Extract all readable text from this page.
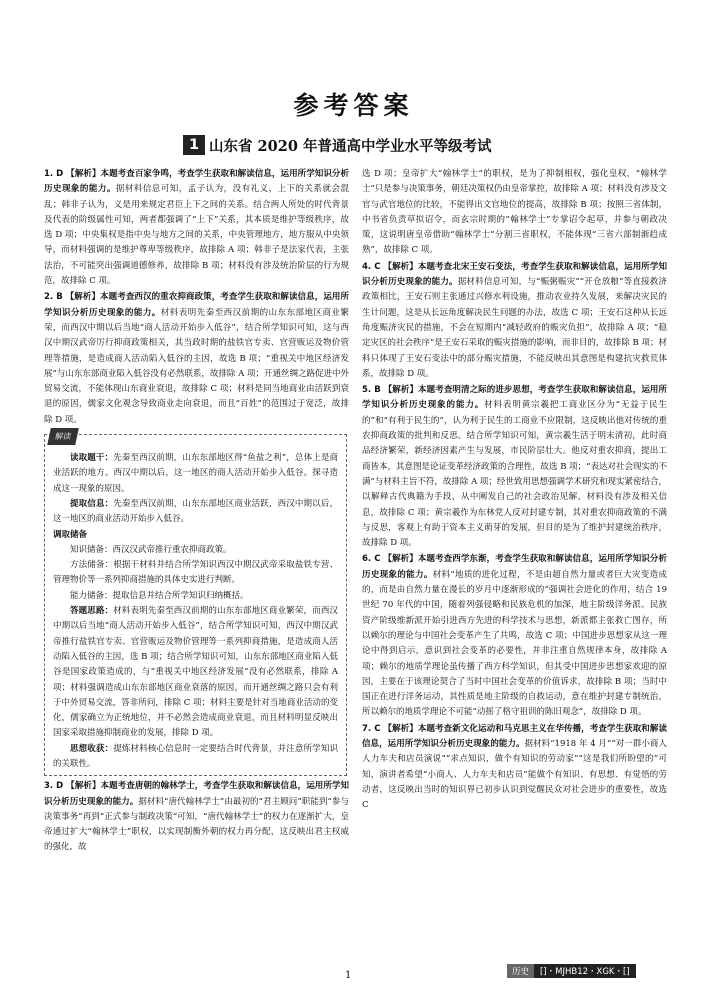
参考答案
1 山东省 2020 年普通高中学业水平等级考试

1. D 【解析】本题考查百家争鸣，考查学生获取和解读信息，运用所学知识分析历史现象的能力。据材料信息可知，孟子认为，没有礼义，上下的关系就会混乱；韩非子认为，义是用来规定君臣上下之间的关系。结合两人所处的时代背景及代表的阶级属性可知，两者都强调了“上下”关系，其本质是维护等级秩序，故选 D 项；中央集权是指中央与地方之间的关系，中央管理地方，地方服从中央领导，而材料强调的是维护尊卑等级秩序，故排除 A 项；韩非子是法家代表，主张法治，不可能突出强调道德修养，故排除 B 项；材料没有涉及统治阶层的行为规范，故排除 C 项。

2. B 【解析】本题考查西汉的重农抑商政策，考查学生获取和解读信息，运用所学知识分析历史现象的能力。材料表明先秦至西汉前期的山东东部地区商业繁荣，而西汉中期以后当地“商人活动开始步入低谷”，结合所学知识可知，这与西汉中期汉武帝厉行抑商政策相关，其当政时期的盐铁官专卖、官营贩运及物价管理等措施，是造成商人活动陷入低谷的主因，故选 B 项；“重视关中地区经济发展”与山东东部商业陷入低谷没有必然联系，故排除 A 项；开通丝绸之路促进中外贸易交流，不能体现山东商业衰退，故排除 C 项；材料是同当地商业由活跃到衰退的原因，儒家文化观念导致商业走向衰退，而且“百姓”的范围过于宽泛，故排除 D 项。

解读

读取题干：先秦至西汉前期，山东东部地区得“鱼盐之利”，总体上是商业活跃的地方。西汉中期以后，这一地区的商人活动开始步入低谷。探寻造成这一现象的原因。

提取信息：先秦至西汉前期，山东东部地区商业活跃，西汉中期以后，这一地区的商业活动开始步入低谷。

调取储备

知识储备：西汉汉武帝推行重农抑商政策。

方法储备：根据干材料并结合所学知识西汉中期汉武帝采取盐铁专营、管理物价等一系列抑商措施的具体史实进行判断。

能力储备：提取信息并结合所学知识归纳概括。

答题思路：材料表明先秦至西汉前期的山东东部地区商业繁荣，而西汉中期以后当地“商人活动开始步入低谷”，结合所学知识可知，西汉中期汉武帝推行盐铁官专卖、官营贩运及物价管理等一系列抑商措施，是造成商人活动陷入低谷的主因，选 B 项；结合所学知识可知，山东东部地区商业陷入低谷是国家政策造成的，与“重视关中地区经济发展”没有必然联系，排除 A 项；材料强调造成山东东部地区商业衰落的原因，而开通丝绸之路只会有利于中外贸易交流，答非所问，排除 C 项；材料主要是针对当地商业活动的变化，儒家确立为正统地位，并不必然会造成商业衰退，而且材料明显反映出国家采取措施抑制商业的发展，排除 D 项。

思想收获：提炼材料核心信息时一定要结合时代背景，并注意所学知识的关联性。

3. D 【解析】本题考查唐朝的翰林学士，考查学生获取和解读信息，运用所学知识分析历史现象的能力。据材料“唐代翰林学士”由最初的“君主顾问”职能到“参与决策事务”再到“正式参与制政决策”可知，“唐代翰林学士”的权力在逐渐扩大，皇帝通过扩大“翰林学士”职权，以实现制衡外朝的权力再分配，这反映出君主权威的强化，故

选 D 项；皇帝扩大“翰林学士”的职权，是为了抑制相权，强化皇权，“翰林学士”只是参与决策事务，朝廷决策权仍由皇帝掌控，故排除 A 项；材料没有涉及文官与武官地位的比较，不能得出文官地位的提高，故排除 B 项；按照三省体制，中书省负责草拟诏令，而玄宗时期的“翰林学士”专掌诏令起草，并参与朝政决策，这说明唐皇帝借助“翰林学士”分割三省职权，不能体现“三省六部制渐趋成熟”，故排除 C 项。

4. C 【解析】本题考查北宋王安石变法，考查学生获取和解读信息，运用所学知识分析历史现象的能力。据材料信息可知，与“赈粥赈灾”“开仓放粮”等直接救济政策相比，王安石则主张通过兴修水利设施，推动农业持久发展，来解决灾民的生计问题，这是从长远角度解决民生问题的办法，故选 C 项；王安石这种从长远角度赈济灾民的措施，不会在短期内“减轻政府的赈灾负担”，故排除 A 项；“稳定灾区的社会秩序”是王安石采取的赈灾措施的影响，而非目的，故排除 B 项；材料只体现了王安石变法中的部分赈灾措施，不能反映出其意图是构建抗灾救荒体系，故排除 D 项。

5. B 【解析】本题考查明清之际的进步思想，考查学生获取和解读信息，运用所学知识分析历史现象的能力。材料表明黄宗羲把工商业区分为“无益于民生的”和“有利于民生的”，认为利于民生的工商业不应限制，这反映出他对传统的重农抑商政策的批判和反思。结合所学知识可知，黄宗羲生活于明末清初，此时商品经济繁荣，新经济因素产生与发展，市民阶层壮大。他反对重农抑商，提出工商皆本，其意图是论证变革经济政策的合理性，故选 B 项；“表达对社会现实的不满”与材料主旨不符，故排除 A 项；经世致用思想强调学术研究和现实紧密结合，以解释古代典籍为手段，从中阐发自己的社会政治见解，材料没有涉及相关信息，故排除 C 项；黄宗羲作为东林党人反对封建专制，其对重农抑商政策的不满与反思，客观上有助于资本主义萌芽的发展，但目的是为了维护封建统治秩序，故排除 D 项。

6. C 【解析】本题考查西学东渐，考查学生获取和解读信息，运用所学知识分析历史现象的能力。材料“地质的进化过程，不是由超自然力量或者巨大灾变造成的，而是由自然力量在漫长的岁月中逐渐形成的”强调社会进化的作用，结合 19 世纪 70 年代的中国，随着列强侵略和民族危机的加深，地主阶级洋务派、民族资产阶级维新派开始引进西方先进的科学技术与思想，新派都主张救亡图存，所以赖尔的理论与中国社会变革产生了共鸣，故选 C 项；中国进步思想家从这一理论中得到启示，意识到社会变革的必要性，并非注重自然规律本身，故排除 A 项；赖尔的地质学理论虽传播了西方科学知识，但其受中国进步思想家欢迎的原因，主要在于该理论契合了当时中国社会变革的价值诉求，故排除 B 项；当时中国正在进行洋务运动，其性质是地主阶级的自救运动，意在维护封建专制统治，所以赖尔的地质学理论不可能“动摇了格守祖训的陈旧观念”，故排除 D 项。

7. C 【解析】本题考查新文化运动和马克思主义在华传播，考查学生获取和解读信息，运用所学知识分析历史现象的能力。据材料“1918 年 4 月”“对一群小商人人力车夫和店员演说”“求点知识，做个有知识的劳动家”“这是我们所盼望的”可知，演讲者希望“小商人、人力车夫和店员”能做个有知识、有思想、有觉悟的劳动者，这反映出当时的知识界已初步认识到觉醒民众对社会进步的重要性，故选 C

1	历史	[]・MJHB12・XGK・[]
